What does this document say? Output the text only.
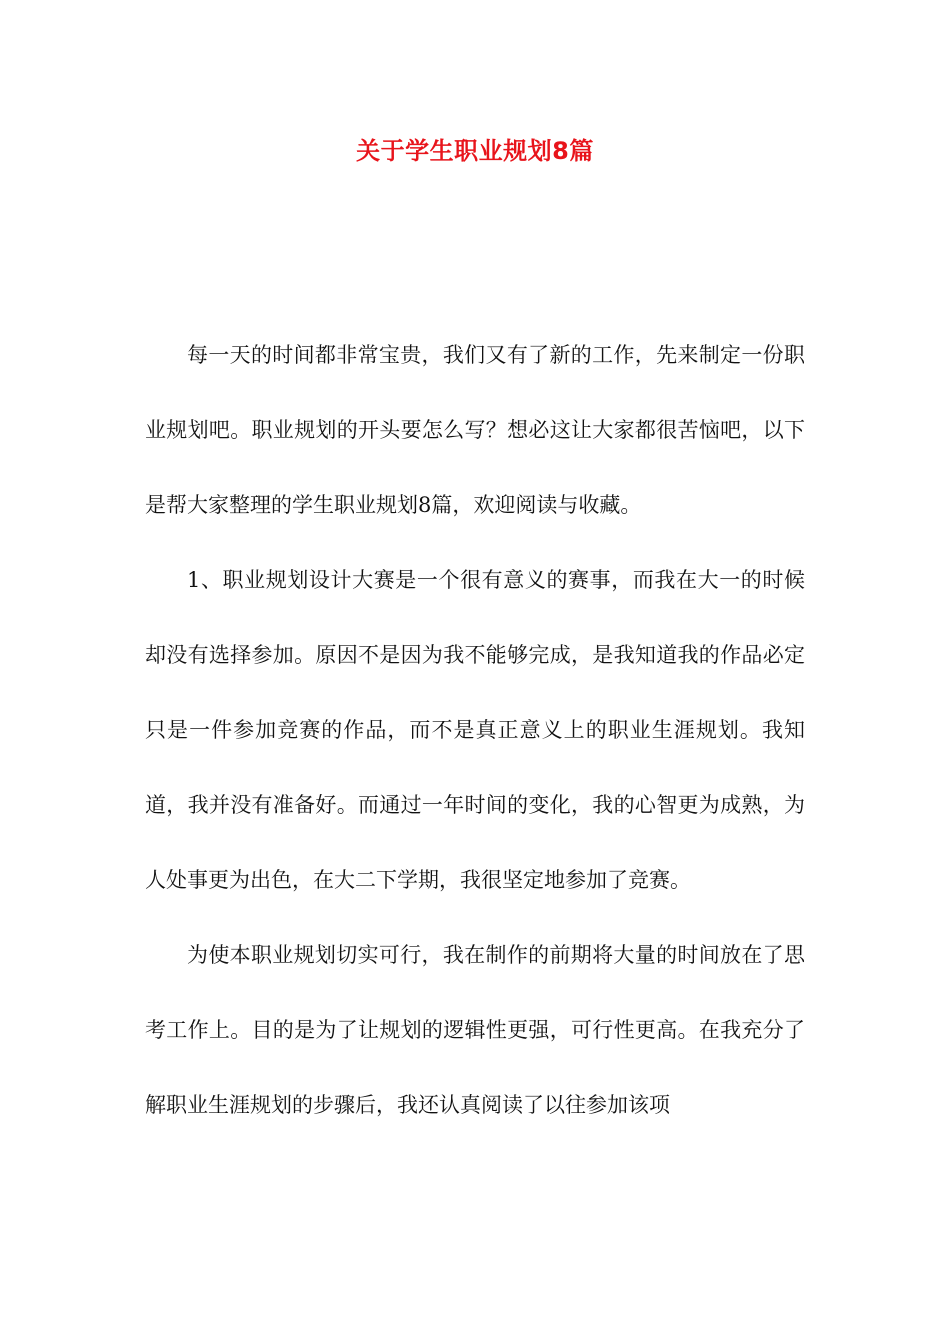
关于学生职业规划8篇

每一天的时间都非常宝贵，我们又有了新的工作，先来制定一份职业规划吧。职业规划的开头要怎么写？想必这让大家都很苦恼吧，以下是帮大家整理的学生职业规划8篇，欢迎阅读与收藏。

1、职业规划设计大赛是一个很有意义的赛事，而我在大一的时候却没有选择参加。原因不是因为我不能够完成，是我知道我的作品必定只是一件参加竞赛的作品，而不是真正意义上的职业生涯规划。我知道，我并没有准备好。而通过一年时间的变化，我的心智更为成熟，为人处事更为出色，在大二下学期，我很坚定地参加了竞赛。

为使本职业规划切实可行，我在制作的前期将大量的时间放在了思考工作上。目的是为了让规划的逻辑性更强，可行性更高。在我充分了解职业生涯规划的步骤后，我还认真阅读了以往参加该项
